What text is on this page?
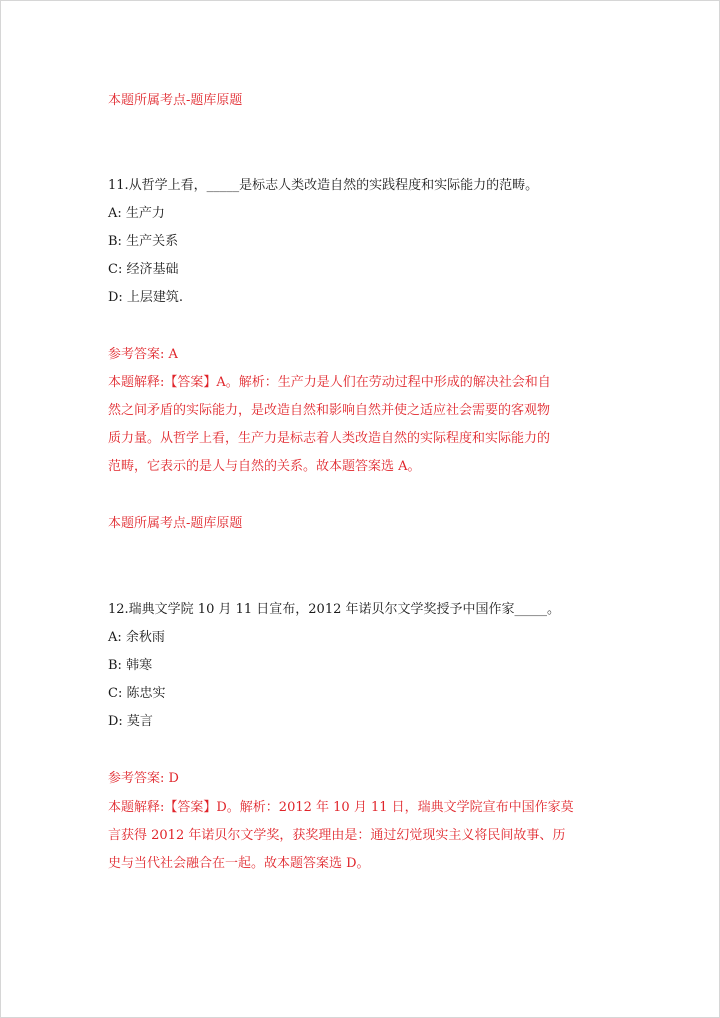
本题所属考点-题库原题
11.从哲学上看，_____是标志人类改造自然的实践程度和实际能力的范畴。
A: 生产力
B: 生产关系
C: 经济基础
D: 上层建筑.
参考答案: A
本题解释:【答案】A。解析：生产力是人们在劳动过程中形成的解决社会和自
然之间矛盾的实际能力，是改造自然和影响自然并使之适应社会需要的客观物
质力量。从哲学上看，生产力是标志着人类改造自然的实际程度和实际能力的
范畴，它表示的是人与自然的关系。故本题答案选 A。
本题所属考点-题库原题
12.瑞典文学院 10 月 11 日宣布，2012 年诺贝尔文学奖授予中国作家_____。
A: 余秋雨
B: 韩寒
C: 陈忠实
D: 莫言
参考答案: D
本题解释:【答案】D。解析：2012 年 10 月 11 日，瑞典文学院宣布中国作家莫
言获得 2012 年诺贝尔文学奖，获奖理由是：通过幻觉现实主义将民间故事、历
史与当代社会融合在一起。故本题答案选 D。
